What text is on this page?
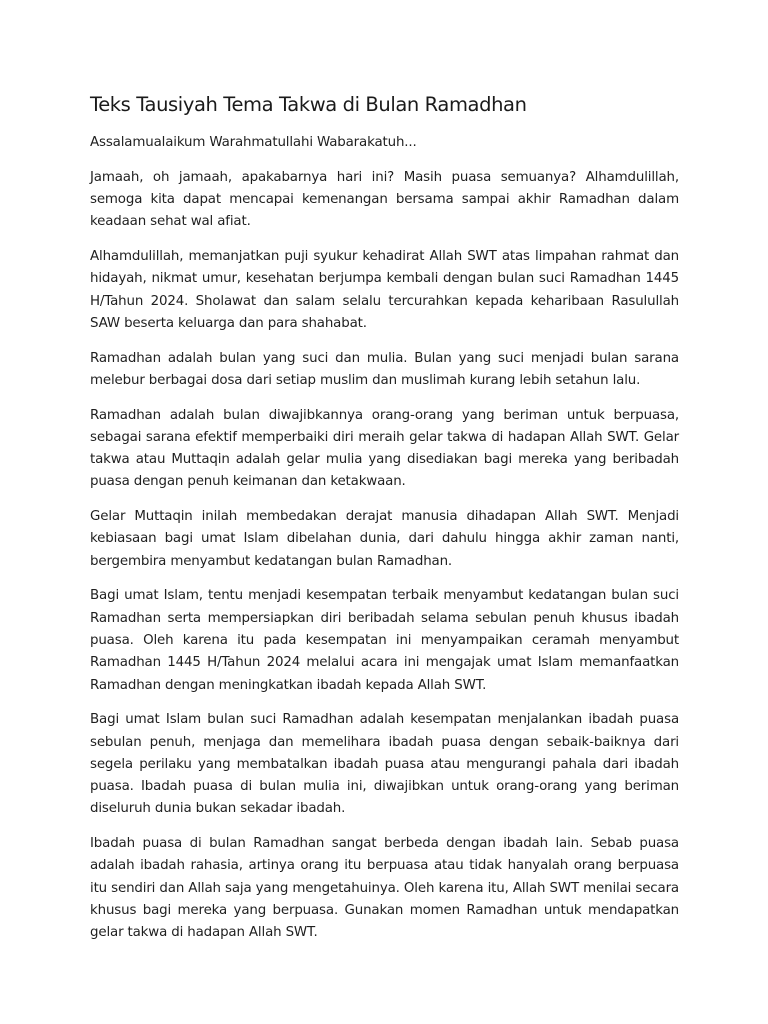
Teks Tausiyah Tema Takwa di Bulan Ramadhan

Assalamualaikum Warahmatullahi Wabarakatuh...

Jamaah, oh jamaah, apakabarnya hari ini? Masih puasa semuanya? Alhamdulillah, semoga kita dapat mencapai kemenangan bersama sampai akhir Ramadhan dalam keadaan sehat wal afiat.

Alhamdulillah, memanjatkan puji syukur kehadirat Allah SWT atas limpahan rahmat dan hidayah, nikmat umur, kesehatan berjumpa kembali dengan bulan suci Ramadhan 1445 H/Tahun 2024. Sholawat dan salam selalu tercurahkan kepada keharibaan Rasulullah SAW beserta keluarga dan para shahabat.

Ramadhan adalah bulan yang suci dan mulia. Bulan yang suci menjadi bulan sarana melebur berbagai dosa dari setiap muslim dan muslimah kurang lebih setahun lalu.

Ramadhan adalah bulan diwajibkannya orang-orang yang beriman untuk berpuasa, sebagai sarana efektif memperbaiki diri meraih gelar takwa di hadapan Allah SWT. Gelar takwa atau Muttaqin adalah gelar mulia yang disediakan bagi mereka yang beribadah puasa dengan penuh keimanan dan ketakwaan.

Gelar Muttaqin inilah membedakan derajat manusia dihadapan Allah SWT. Menjadi kebiasaan bagi umat Islam dibelahan dunia, dari dahulu hingga akhir zaman nanti, bergembira menyambut kedatangan bulan Ramadhan.

Bagi umat Islam, tentu menjadi kesempatan terbaik menyambut kedatangan bulan suci Ramadhan serta mempersiapkan diri beribadah selama sebulan penuh khusus ibadah puasa. Oleh karena itu pada kesempatan ini menyampaikan ceramah menyambut Ramadhan 1445 H/Tahun 2024 melalui acara ini mengajak umat Islam memanfaatkan Ramadhan dengan meningkatkan ibadah kepada Allah SWT.

Bagi umat Islam bulan suci Ramadhan adalah kesempatan menjalankan ibadah puasa sebulan penuh, menjaga dan memelihara ibadah puasa dengan sebaik-baiknya dari segela perilaku yang membatalkan ibadah puasa atau mengurangi pahala dari ibadah puasa. Ibadah puasa di bulan mulia ini, diwajibkan untuk orang-orang yang beriman diseluruh dunia bukan sekadar ibadah.

Ibadah puasa di bulan Ramadhan sangat berbeda dengan ibadah lain. Sebab puasa adalah ibadah rahasia, artinya orang itu berpuasa atau tidak hanyalah orang berpuasa itu sendiri dan Allah saja yang mengetahuinya. Oleh karena itu, Allah SWT menilai secara khusus bagi mereka yang berpuasa. Gunakan momen Ramadhan untuk mendapatkan gelar takwa di hadapan Allah SWT.
